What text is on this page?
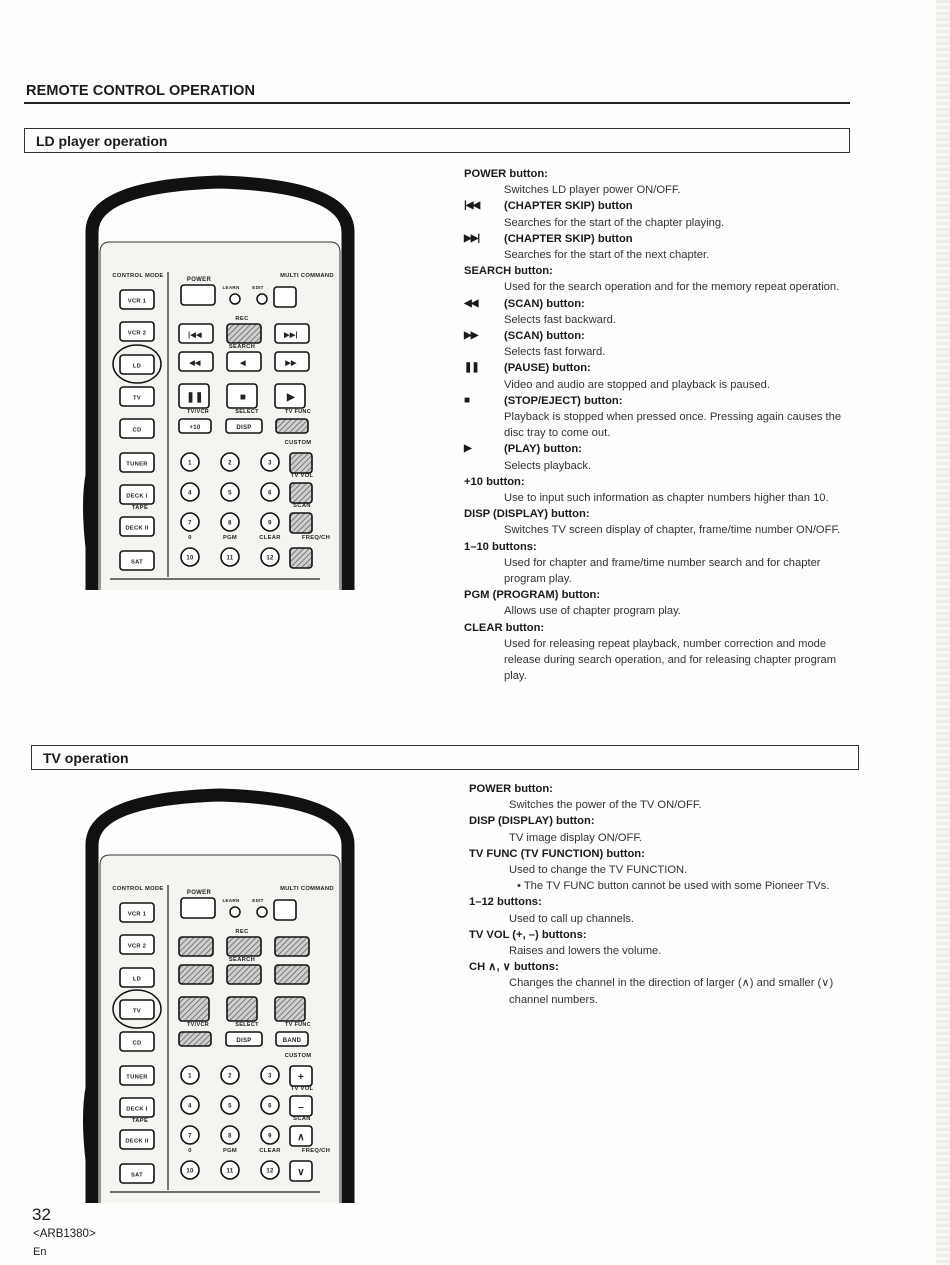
REMOTE CONTROL OPERATION
LD player operation
CONTROL MODE
POWER
MULTI COMMAND
LEARN	EDIT
REC
SEARCH
TV/VCR	SELECT	TV FUNC
CUSTOM
TV VOL
SCAN
TAPE
0	PGM	CLEAR	FREQ/CH
VCR 1
VCR 2
LD
TV
CD
TUNER
DECK I
DECK II
SAT
|◀◀	▶▶|
◀◀	◀	▶▶
❚❚	■	▶
+10	DISP
1	2	3
4	5	6
7	8	9
10	11	12
POWER button:
Switches LD player power ON/OFF.
|◀◀	(CHAPTER SKIP) button
Searches for the start of the chapter playing.
▶▶|	(CHAPTER SKIP) button
Searches for the start of the next chapter.
SEARCH button:
Used for the search operation and for the memory repeat operation.
◀◀	(SCAN) button:
Selects fast backward.
▶▶	(SCAN) button:
Selects fast forward.
❚❚	(PAUSE) button:
Video and audio are stopped and playback is paused.
■	(STOP/EJECT) button:
Playback is stopped when pressed once. Pressing again causes the disc tray to come out.
▶	(PLAY) button:
Selects playback.
+10 button:
Use to input such information as chapter numbers higher than 10.
DISP (DISPLAY) button:
Switches TV screen display of chapter, frame/time number ON/OFF.
1–10 buttons:
Used for chapter and frame/time number search and for chapter program play.
PGM (PROGRAM) button:
Allows use of chapter program play.
CLEAR button:
Used for releasing repeat playback, number correction and mode release during search operation, and for releasing chapter program play.
TV operation
CONTROL MODE
POWER
MULTI COMMAND
LEARN	EDIT
REC
SEARCH
TV/VCR	SELECT	TV FUNC
CUSTOM
TV VOL
SCAN
TAPE
0	PGM	CLEAR	FREQ/CH
VCR 1
VCR 2
LD
TV
CD
TUNER
DECK I
DECK II
SAT
DISP	BAND
1	2	3
4	5	6
7	8	9
10	11	12
+
–
∧
∨
POWER button:
Switches the power of the TV ON/OFF.
DISP (DISPLAY) button:
TV image display ON/OFF.
TV FUNC (TV FUNCTION) button:
Used to change the TV FUNCTION.
• The TV FUNC button cannot be used with some Pioneer TVs.
1–12 buttons:
Used to call up channels.
TV VOL (+, –) buttons:
Raises and lowers the volume.
CH ∧, ∨ buttons:
Changes the channel in the direction of larger (∧) and smaller (∨) channel numbers.
32
<ARB1380>
En
